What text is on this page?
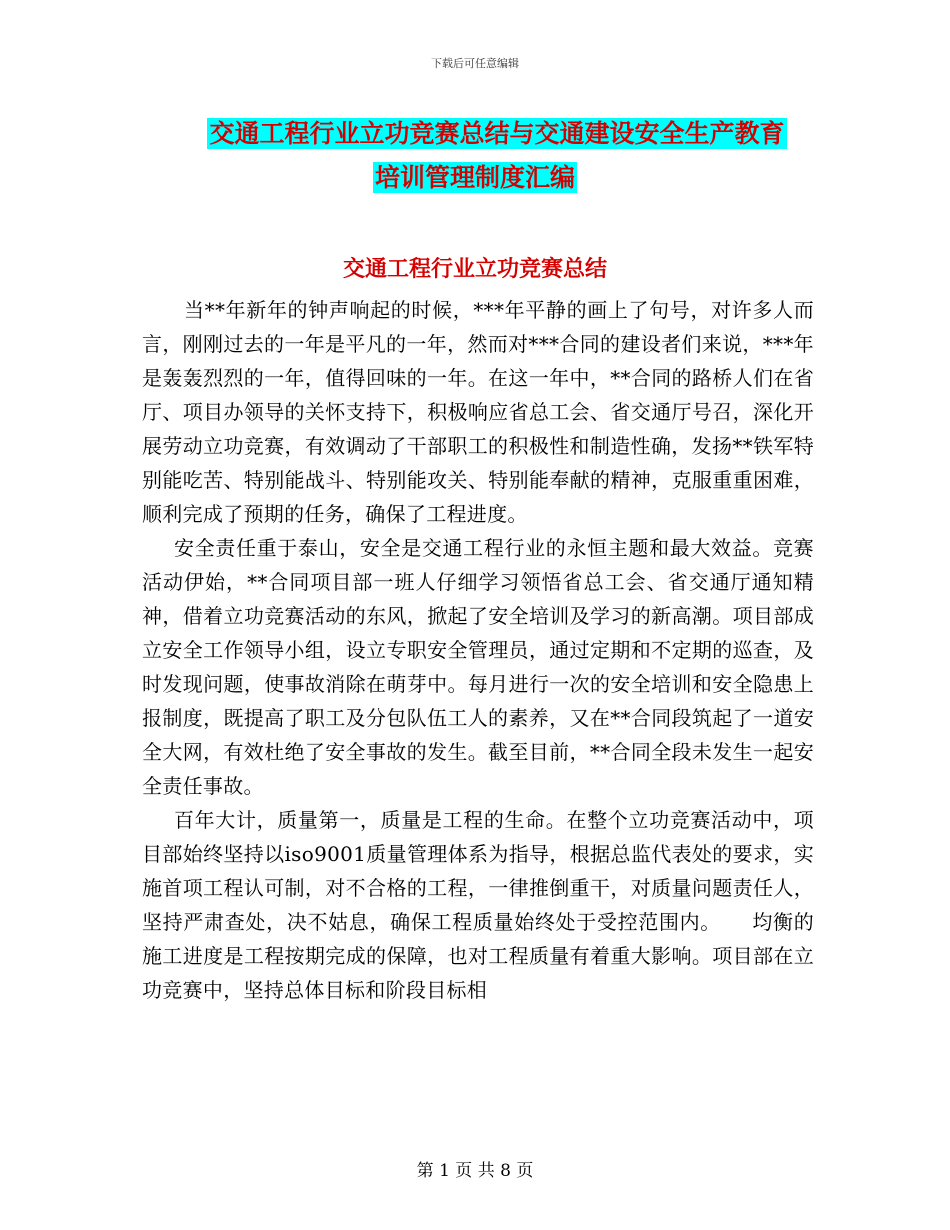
下载后可任意编辑
交通工程行业立功竞赛总结与交通建设安全生产教育
培训管理制度汇编
交通工程行业立功竞赛总结

当**年新年的钟声响起的时候，***年平静的画上了句号，对许多人而言，刚刚过去的一年是平凡的一年，然而对***合同的建设者们来说，***年是轰轰烈烈的一年，值得回味的一年。在这一年中，**合同的路桥人们在省厅、项目办领导的关怀支持下，积极响应省总工会、省交通厅号召，深化开展劳动立功竞赛，有效调动了干部职工的积极性和制造性确，发扬**铁军特别能吃苦、特别能战斗、特别能攻关、特别能奉献的精神，克服重重困难，顺利完成了预期的任务，确保了工程进度。

安全责任重于泰山，安全是交通工程行业的永恒主题和最大效益。竞赛活动伊始，**合同项目部一班人仔细学习领悟省总工会、省交通厅通知精神，借着立功竞赛活动的东风，掀起了安全培训及学习的新高潮。项目部成立安全工作领导小组，设立专职安全管理员，通过定期和不定期的巡查，及时发现问题，使事故消除在萌芽中。每月进行一次的安全培训和安全隐患上报制度，既提高了职工及分包队伍工人的素养，又在**合同段筑起了一道安全大网，有效杜绝了安全事故的发生。截至目前，**合同全段未发生一起安全责任事故。

百年大计，质量第一，质量是工程的生命。在整个立功竞赛活动中，项目部始终坚持以iso9001质量管理体系为指导，根据总监代表处的要求，实施首项工程认可制，对不合格的工程，一律推倒重干，对质量问题责任人，坚持严肃查处，决不姑息，确保工程质量始终处于受控范围内。　　均衡的施工进度是工程按期完成的保障，也对工程质量有着重大影响。项目部在立功竞赛中，坚持总体目标和阶段目标相

第 1 页 共 8 页
